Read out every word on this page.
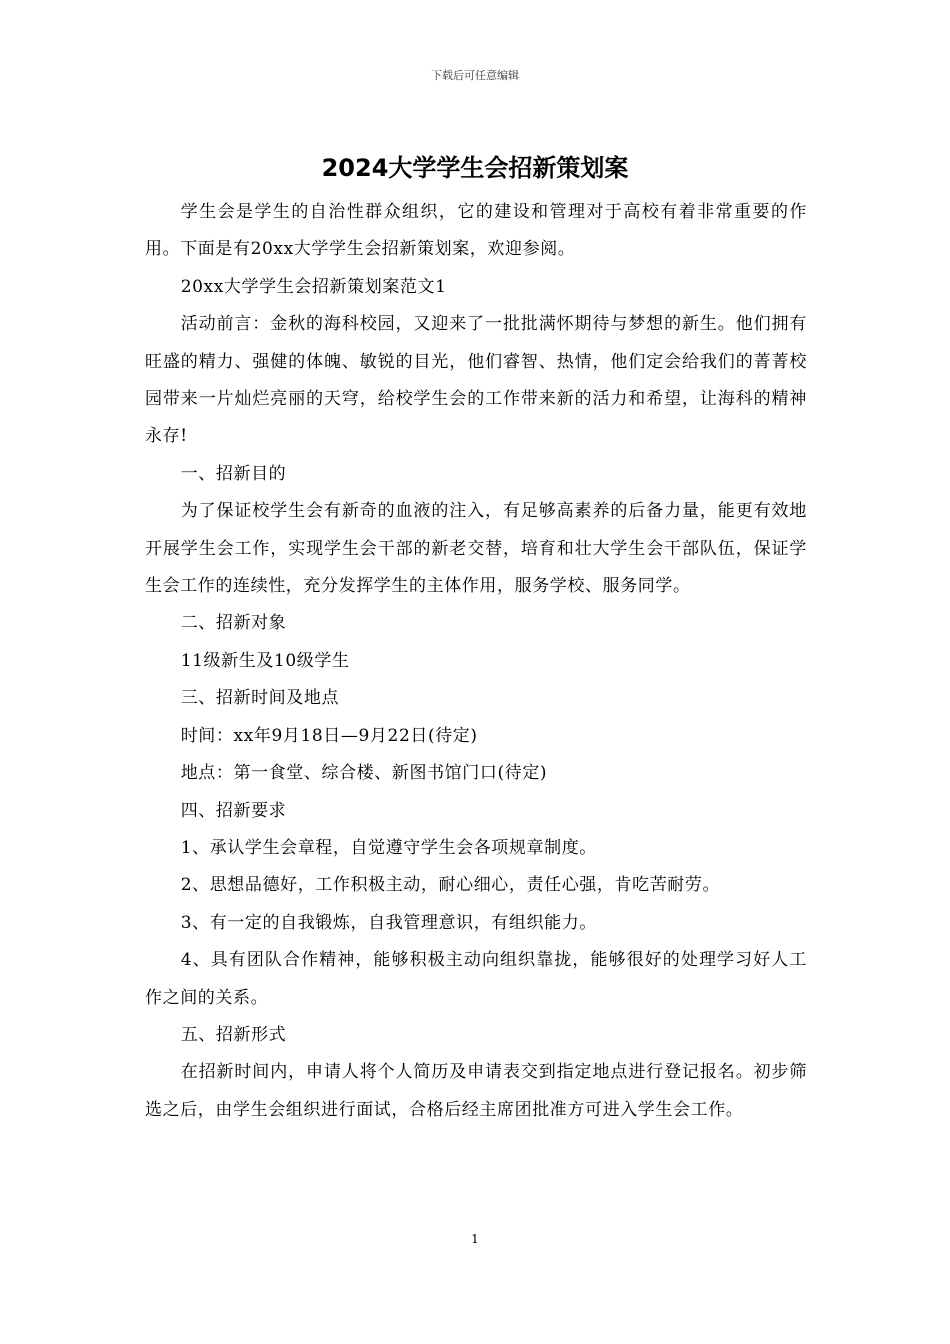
下载后可任意编辑
2024大学学生会招新策划案

学生会是学生的自治性群众组织，它的建设和管理对于高校有着非常重要的作用。下面是有20xx大学学生会招新策划案，欢迎参阅。

20xx大学学生会招新策划案范文1

活动前言：金秋的海科校园，又迎来了一批批满怀期待与梦想的新生。他们拥有旺盛的精力、强健的体魄、敏锐的目光，他们睿智、热情，他们定会给我们的菁菁校园带来一片灿烂亮丽的天穹，给校学生会的工作带来新的活力和希望，让海科的精神永存!

一、招新目的

为了保证校学生会有新奇的血液的注入，有足够高素养的后备力量，能更有效地开展学生会工作，实现学生会干部的新老交替，培育和壮大学生会干部队伍，保证学生会工作的连续性，充分发挥学生的主体作用，服务学校、服务同学。

二、招新对象

11级新生及10级学生

三、招新时间及地点

时间：xx年9月18日—9月22日(待定)

地点：第一食堂、综合楼、新图书馆门口(待定)

四、招新要求

1、承认学生会章程，自觉遵守学生会各项规章制度。

2、思想品德好，工作积极主动，耐心细心，责任心强，肯吃苦耐劳。

3、有一定的自我锻炼，自我管理意识，有组织能力。

4、具有团队合作精神，能够积极主动向组织靠拢，能够很好的处理学习好人工作之间的关系。

五、招新形式

在招新时间内，申请人将个人简历及申请表交到指定地点进行登记报名。初步筛选之后，由学生会组织进行面试，合格后经主席团批准方可进入学生会工作。

1
